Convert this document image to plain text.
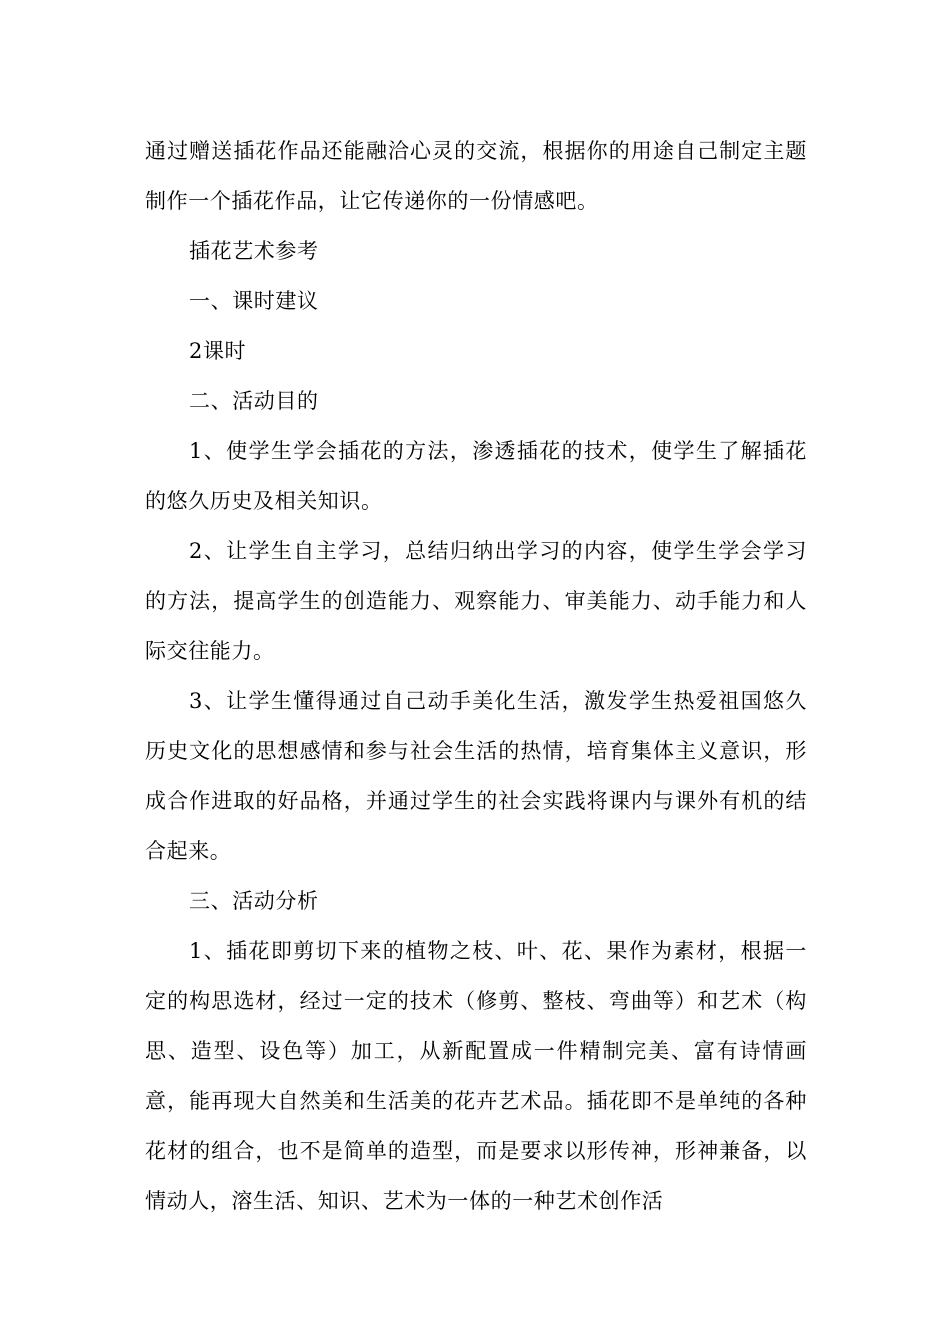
通过赠送插花作品还能融洽心灵的交流，根据你的用途自己制定主题制作一个插花作品，让它传递你的一份情感吧。

插花艺术参考

一、课时建议

2课时

二、活动目的

1、使学生学会插花的方法，渗透插花的技术，使学生了解插花的悠久历史及相关知识。

2、让学生自主学习，总结归纳出学习的内容，使学生学会学习的方法，提高学生的创造能力、观察能力、审美能力、动手能力和人际交往能力。

3、让学生懂得通过自己动手美化生活，激发学生热爱祖国悠久历史文化的思想感情和参与社会生活的热情，培育集体主义意识，形成合作进取的好品格，并通过学生的社会实践将课内与课外有机的结合起来。

三、活动分析

1、插花即剪切下来的植物之枝、叶、花、果作为素材，根据一定的构思选材，经过一定的技术（修剪、整枝、弯曲等）和艺术（构思、造型、设色等）加工，从新配置成一件精制完美、富有诗情画意，能再现大自然美和生活美的花卉艺术品。插花即不是单纯的各种花材的组合，也不是简单的造型，而是要求以形传神，形神兼备，以情动人，溶生活、知识、艺术为一体的一种艺术创作活
